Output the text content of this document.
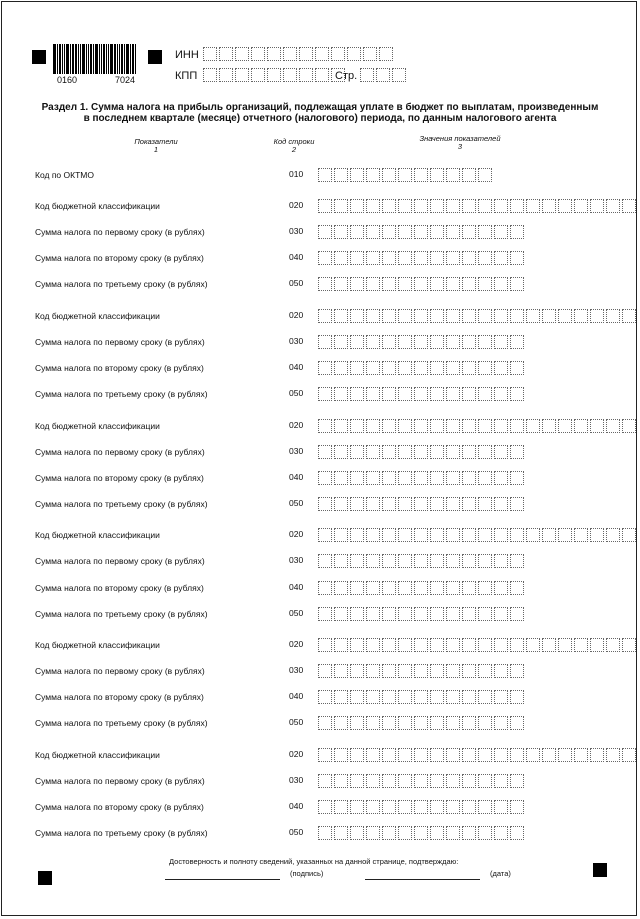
0160	7024
ИНН
КПП	Стр.
Раздел 1. Сумма налога на прибыль организаций, подлежащая уплате в бюджет по выплатам, произведенным
в последнем квартале (месяце) отчетного (налогового) периода, по данным налогового агента
Показатели
1
Код строки
2
Значения показателей
3
Код по ОКТМО	010
Код бюджетной классификации	020
Сумма налога по первому сроку (в рублях)	030
Сумма налога по второму сроку (в рублях)	040
Сумма налога по третьему сроку (в рублях)	050
Код бюджетной классификации	020
Сумма налога по первому сроку (в рублях)	030
Сумма налога по второму сроку (в рублях)	040
Сумма налога по третьему сроку (в рублях)	050
Код бюджетной классификации	020
Сумма налога по первому сроку (в рублях)	030
Сумма налога по второму сроку (в рублях)	040
Сумма налога по третьему сроку (в рублях)	050
Код бюджетной классификации	020
Сумма налога по первому сроку (в рублях)	030
Сумма налога по второму сроку (в рублях)	040
Сумма налога по третьему сроку (в рублях)	050
Код бюджетной классификации	020
Сумма налога по первому сроку (в рублях)	030
Сумма налога по второму сроку (в рублях)	040
Сумма налога по третьему сроку (в рублях)	050
Код бюджетной классификации	020
Сумма налога по первому сроку (в рублях)	030
Сумма налога по второму сроку (в рублях)	040
Сумма налога по третьему сроку (в рублях)	050
Достоверность и полноту сведений, указанных на данной странице, подтверждаю:
(подпись)	(дата)
